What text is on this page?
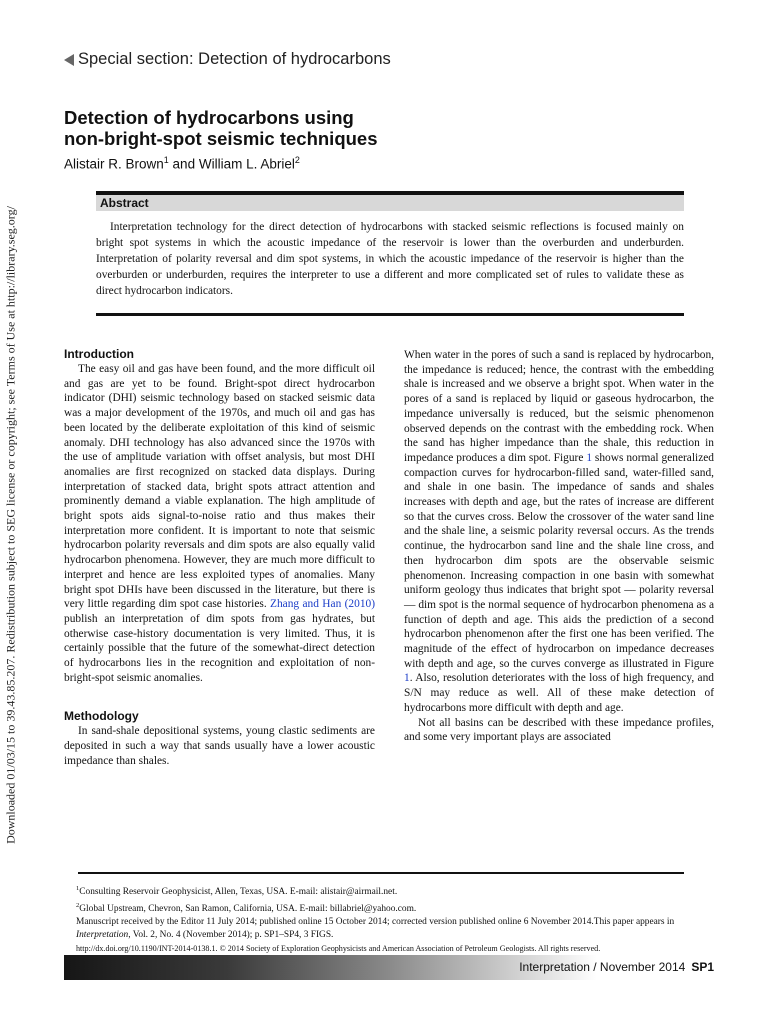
Downloaded 01/03/15 to 39.43.85.207. Redistribution subject to SEG license or copyright; see Terms of Use at http://library.seg.org/
Special section: Detection of hydrocarbons
Detection of hydrocarbons using
non-bright-spot seismic techniques
Alistair R. Brown$^1$ and William L. Abriel$^2$
Abstract

Interpretation technology for the direct detection of hydrocarbons with stacked seismic reflections is focused mainly on bright spot systems in which the acoustic impedance of the reservoir is lower than the overburden and underburden. Interpretation of polarity reversal and dim spot systems, in which the acoustic impedance of the reservoir is higher than the overburden or underburden, requires the interpreter to use a different and more complicated set of rules to validate these as direct hydrocarbon indicators.

Introduction

The easy oil and gas have been found, and the more difficult oil and gas are yet to be found. Bright-spot direct hydrocarbon indicator (DHI) seismic technology based on stacked seismic data was a major development of the 1970s, and much oil and gas has been located by the deliberate exploitation of this kind of seismic anomaly. DHI technology has also advanced since the 1970s with the use of amplitude variation with offset analysis, but most DHI anomalies are first recognized on stacked data displays. During interpretation of stacked data, bright spots attract attention and prominently demand a viable explanation. The high amplitude of bright spots aids signal-to-noise ratio and thus makes their interpretation more confident. It is important to note that seismic hydrocarbon polarity reversals and dim spots are also equally valid hydrocarbon phenomena. However, they are much more difficult to interpret and hence are less exploited types of anomalies. Many bright spot DHIs have been discussed in the literature, but there is very little regarding dim spot case histories. Zhang and Han (2010) publish an interpretation of dim spots from gas hydrates, but otherwise case-history documentation is very limited. Thus, it is certainly possible that the future of the somewhat-direct detection of hydrocarbons lies in the recognition and exploitation of non-bright-spot seismic anomalies.

Methodology

In sand-shale depositional systems, young clastic sediments are deposited in such a way that sands usually have a lower acoustic impedance than shales.

When water in the pores of such a sand is replaced by hydrocarbon, the impedance is reduced; hence, the contrast with the embedding shale is increased and we observe a bright spot. When water in the pores of a sand is replaced by liquid or gaseous hydrocarbon, the impedance universally is reduced, but the seismic phenomenon observed depends on the contrast with the embedding rock. When the sand has higher impedance than the shale, this reduction in impedance produces a dim spot. Figure 1 shows normal generalized compaction curves for hydrocarbon-filled sand, water-filled sand, and shale in one basin. The impedance of sands and shales increases with depth and age, but the rates of increase are different so that the curves cross. Below the crossover of the water sand line and the shale line, a seismic polarity reversal occurs. As the trends continue, the hydrocarbon sand line and the shale line cross, and then hydrocarbon dim spots are the observable seismic phenomenon. Increasing compaction in one basin with somewhat uniform geology thus indicates that bright spot — polarity reversal — dim spot is the normal sequence of hydrocarbon phenomena as a function of depth and age. This aids the prediction of a second hydrocarbon phenomenon after the first one has been verified. The magnitude of the effect of hydrocarbon on impedance decreases with depth and age, so the curves converge as illustrated in Figure 1. Also, resolution deteriorates with the loss of high frequency, and S/N may reduce as well. All of these make detection of hydrocarbons more difficult with depth and age.

Not all basins can be described with these impedance profiles, and some very important plays are associated

$^1$Consulting Reservoir Geophysicist, Allen, Texas, USA. E-mail: alistair@airmail.net.
$^2$Global Upstream, Chevron, San Ramon, California, USA. E-mail: billabriel@yahoo.com.
Manuscript received by the Editor 11 July 2014; published online 15 October 2014; corrected version published online 6 November 2014.This paper appears in Interpretation, Vol. 2, No. 4 (November 2014); p. SP1–SP4, 3 FIGS.
http://dx.doi.org/10.1190/INT-2014-0138.1. © 2014 Society of Exploration Geophysicists and American Association of Petroleum Geologists. All rights reserved.
Interpretation / November 2014 SP1
